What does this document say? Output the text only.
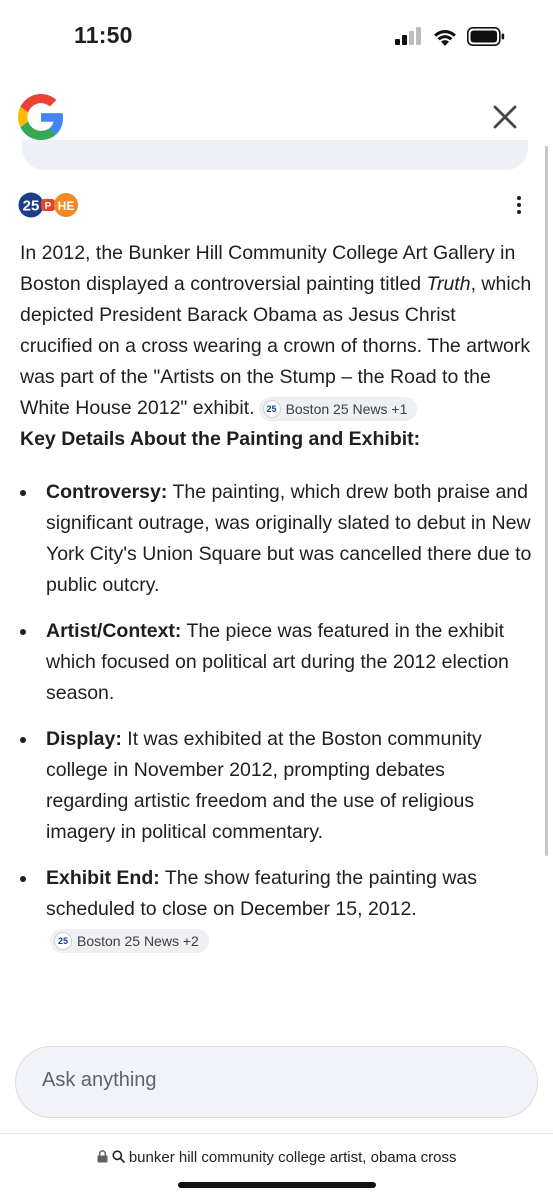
11:50
25 P HE

In 2012, the Bunker Hill Community College Art Gallery in Boston displayed a controversial painting titled Truth, which depicted President Barack Obama as Jesus Christ crucified on a cross wearing a crown of thorns. The artwork was part of the "Artists on the Stump – the Road to the White House 2012" exhibit.	25 Boston 25 News +1

Key Details About the Painting and Exhibit:

Controversy: The painting, which drew both praise and significant outrage, was originally slated to debut in New York City's Union Square but was cancelled there due to public outcry.
Artist/Context: The piece was featured in the exhibit which focused on political art during the 2012 election season.
Display: It was exhibited at the Boston community college in November 2012, prompting debates regarding artistic freedom and the use of religious imagery in political commentary.
Exhibit End: The show featuring the painting was scheduled to close on December 15, 2012.
25 Boston 25 News +2
Ask anything
bunker hill community college artist, obama cross
